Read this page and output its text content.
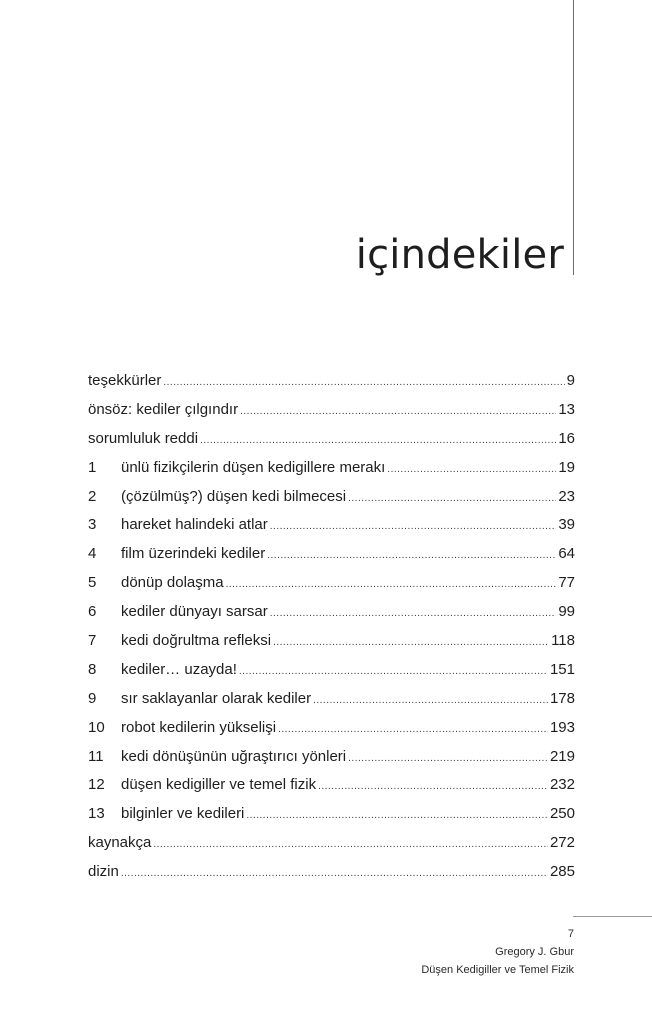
içindekiler
teşekkürler .....	9
önsöz: kediler çılgındır .....	13
sorumluluk reddi .....	16
1	ünlü fizikçilerin düşen kedigillere merakı .....	19
2	(çözülmüş?) düşen kedi bilmecesi .....	23
3	hareket halindeki atlar .....	39
4	film üzerindeki kediler .....	64
5	dönüp dolaşma .....	77
6	kediler dünyayı sarsar .....	99
7	kedi doğrultma refleksi .....	118
8	kediler… uzayda! .....	151
9	sır saklayanlar olarak kediler .....	178
10	robot kedilerin yükselişi .....	193
11	kedi dönüşünün uğraştırıcı yönleri .....	219
12	düşen kedigiller ve temel fizik .....	232
13	bilginler ve kedileri .....	250
kaynakça .....	272
dizin .....	285
7
Gregory J. Gbur
Düşen Kedigiller ve Temel Fizik
